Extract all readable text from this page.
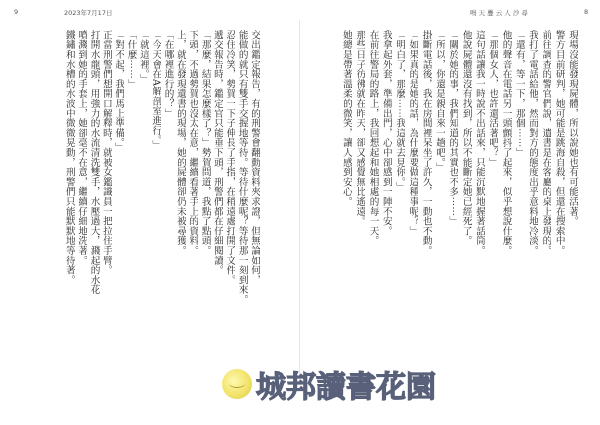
9	2023年7月17日	鳴 天 疊 云 人 沙 尋	8
現場沒能發現屍體，所以說她也有可能活著。
警方目前研判，她可能是跳海自殺，但還在搜索中。
前往調查的警官們說，遺書是在客廳的桌上發現的。
我打了電話給他，然而對方的態度出乎意料地冷淡。
「還有，等一下，那個⋯⋯」
他的聲音在電話另一頭顫抖了起來，似乎想說什麼。
「那個女人，也許還活著吧？」
這句話讓我一時說不出話來，只能沉默地握著話筒。
他說屍體還沒有找到，所以不能斷定她已經死了。
「關於她的事，我們知道的其實也不多⋯⋯」
「所以，你還是親自來一趟吧。」
掛斷電話後，我在房間裡呆坐了許久，一動也不動。
「如果真的是她的話，為什麼要做這種事呢？」
「明白了，那麼⋯⋯我這就去見你。」
我拿起外套，準備出門，心中卻感到一陣不安。
在前往警局的路上，我回想起和她相處的每一天。
那些日子彷彿就在昨天，卻又感覺無比遙遠。
她總是帶著溫柔的微笑，讓人感到安心。
交出鑑定報告，有的刑警會翻動資料夾求證，但無論如何，
能做的就只有雙手交握地等待。等待什麼呢？等待那一刻到來。
忍住冷笑，勢賀一下子伸長了手指，在稍遠處打開了文件。
遞交報告時，鑑定官只能垂下頭，刑警們都在仔細閱讀。
「那麼，結果怎麼樣了？」勢賀問道，我點了點頭。
下頭，不過勢賀也沒太在意，繼續看著手上的資料。
上，就在發現遺書的現場，她的屍體卻仍未被尋獲。
「在哪裡進行的？」
「今天會在A解剖室進行。」
「就這裡。」
「什麼⋯⋯」
「對不起，我們馬上準備。」
正當刑警們想開口解釋時，就被女鑑識員一把拉住手臂。
打開水龍頭，用強力的水流清洗雙手，水壓過大，濺起的水花
噴濺到她的手套上，她卻毫不在意，繼續仔細地洗著。
鐵鏽和水槽的水波中微微晃動，刑警們只能默默地等待著。
城邦讀書花園
